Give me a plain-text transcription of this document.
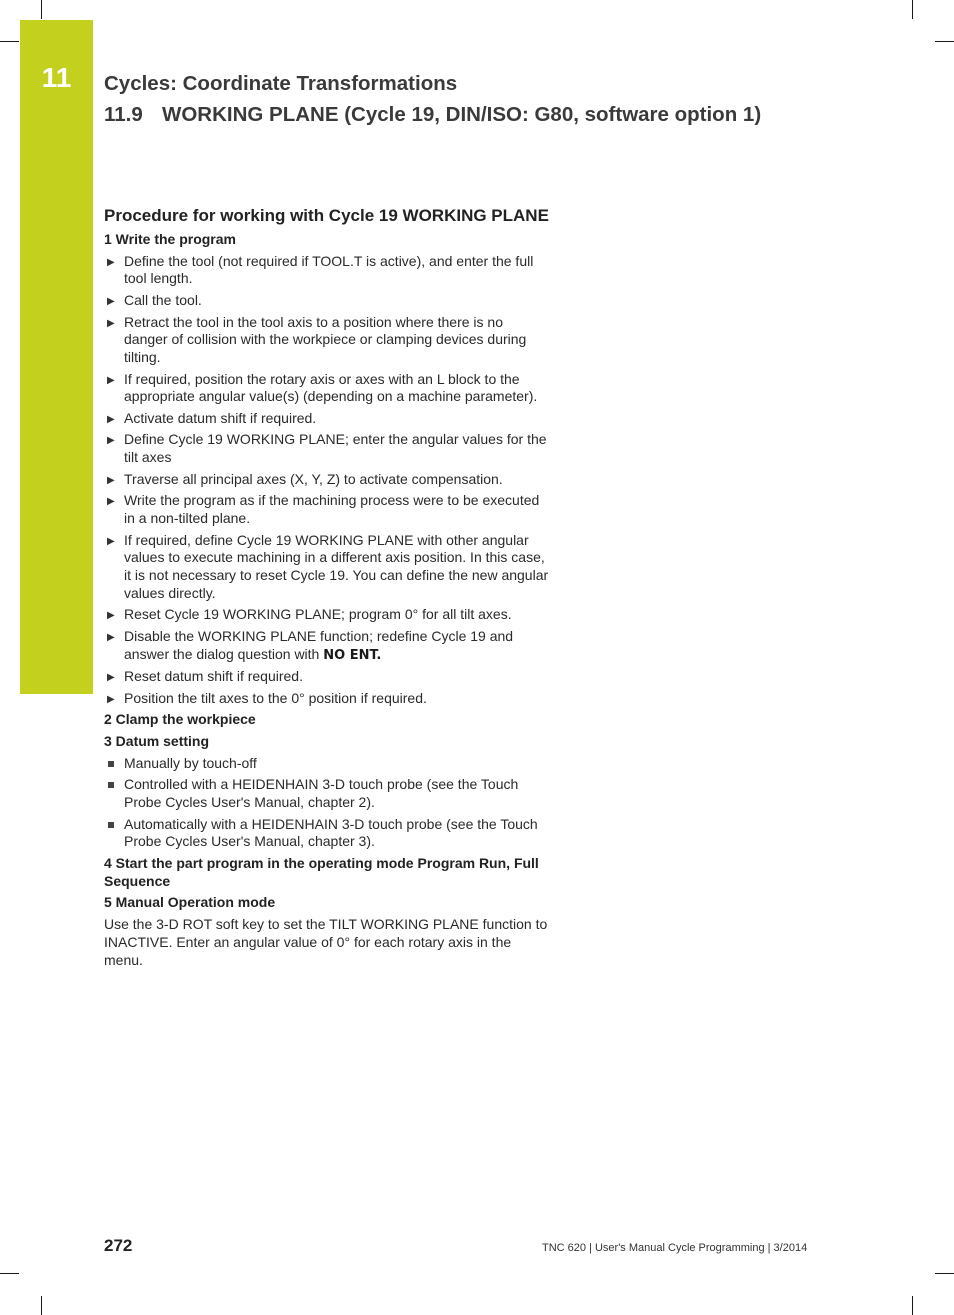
11	Cycles: Coordinate Transformations
11.9 WORKING PLANE (Cycle 19, DIN/ISO: G80, software option 1)
Procedure for working with Cycle 19 WORKING PLANE
1 Write the program
▶ Define the tool (not required if TOOL.T is active), and enter the full tool length.
▶ Call the tool.
▶ Retract the tool in the tool axis to a position where there is no danger of collision with the workpiece or clamping devices during tilting.
▶ If required, position the rotary axis or axes with an L block to the appropriate angular value(s) (depending on a machine parameter).
▶ Activate datum shift if required.
▶ Define Cycle 19 WORKING PLANE; enter the angular values for the tilt axes
▶ Traverse all principal axes (X, Y, Z) to activate compensation.
▶ Write the program as if the machining process were to be executed in a non-tilted plane.
▶ If required, define Cycle 19 WORKING PLANE with other angular values to execute machining in a different axis position. In this case, it is not necessary to reset Cycle 19. You can define the new angular values directly.
▶ Reset Cycle 19 WORKING PLANE; program 0° for all tilt axes.
▶ Disable the WORKING PLANE function; redefine Cycle 19 and answer the dialog question with NO ENT.
▶ Reset datum shift if required.
▶ Position the tilt axes to the 0° position if required.
2 Clamp the workpiece
3 Datum setting
Manually by touch-off
Controlled with a HEIDENHAIN 3-D touch probe (see the Touch Probe Cycles User's Manual, chapter 2).
Automatically with a HEIDENHAIN 3-D touch probe (see the Touch Probe Cycles User's Manual, chapter 3).
4 Start the part program in the operating mode Program Run, Full Sequence
5 Manual Operation mode

Use the 3-D ROT soft key to set the TILT WORKING PLANE function to INACTIVE. Enter an angular value of 0° for each rotary axis in the menu.

272	TNC 620 | User's Manual Cycle Programming | 3/2014
